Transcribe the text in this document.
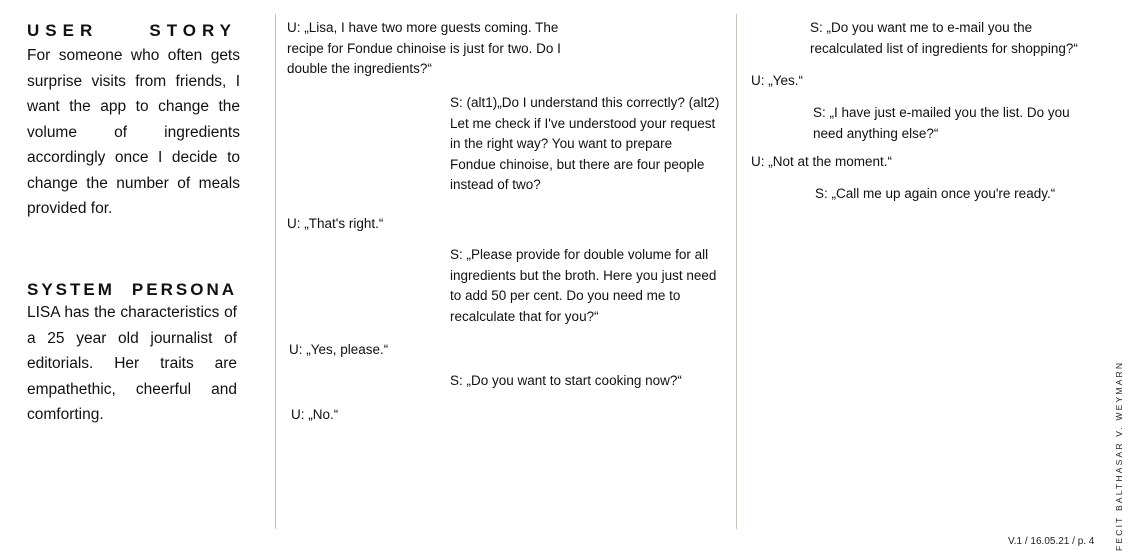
USER STORY
For someone who often gets surprise visits from friends, I want the app to change the volume of ingredients accordingly once I decide to change the number of meals provided for.
SYSTEM PERSONA
LISA has the characteristics of a 25 year old journalist of editorials. Her traits are empathethic, cheerful and comforting.
U: „Lisa, I have two more guests coming. The recipe for Fondue chinoise is just for two. Do I double the ingredients?“
S: (alt1)„Do I understand this correctly? (alt2) Let me check if I've understood your request in the right way? You want to prepare Fondue chinoise, but there are four people instead of two?
U: „That's right.“
S: „Please provide for double volume for all ingredients but the broth. Here you just need to add 50 per cent. Do you need me to recalculate that for you?“
U: „Yes, please.“
S: „Do you want to start cooking now?“
U: „No.“
S: „Do you want me to e-mail you the recalculated list of ingredients for shopping?“
U: „Yes.“
S: „I have just e-mailed you the list. Do you need anything else?“
U: „Not at the moment.“
S: „Call me up again once you're ready.“
V.1 / 16.05.21 / p. 4 FECIT BALTHASAR V. WEYMARN
